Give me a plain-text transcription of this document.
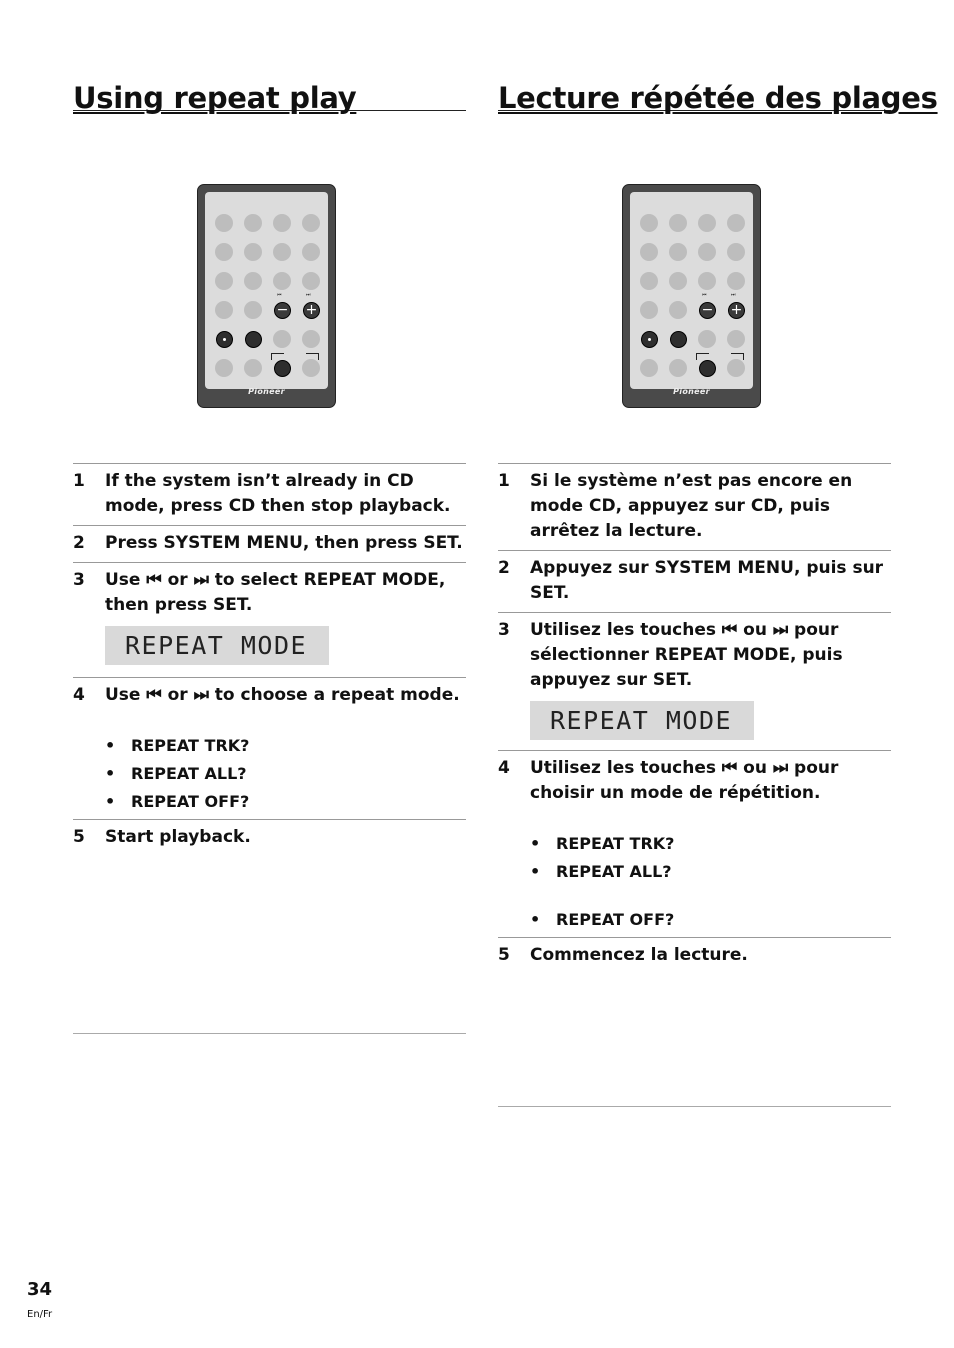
Using repeat play
⏮	⏭
− +
Pioneer
1	If the system isn’t already in CD mode, press CD then stop playback.
2	Press SYSTEM MENU, then press SET.
3	Use ⏮ or ⏭ to select REPEAT MODE, then press SET.
REPEAT MODE
4	Use ⏮ or ⏭ to choose a repeat mode.
• REPEAT TRK?
• REPEAT ALL?
• REPEAT OFF?
5	Start playback.
Lecture répétée des plages
⏮	⏭
− +
Pioneer
1	Si le système n’est pas encore en mode CD, appuyez sur CD, puis arrêtez la lecture.
2	Appuyez sur SYSTEM MENU, puis sur SET.
3	Utilisez les touches ⏮ ou ⏭ pour sélectionner REPEAT MODE, puis appuyez sur SET.
REPEAT MODE
4	Utilisez les touches ⏮ ou ⏭ pour choisir un mode de répétition.
• REPEAT TRK?
• REPEAT ALL?
• REPEAT OFF?
5	Commencez la lecture.
34
En/Fr
